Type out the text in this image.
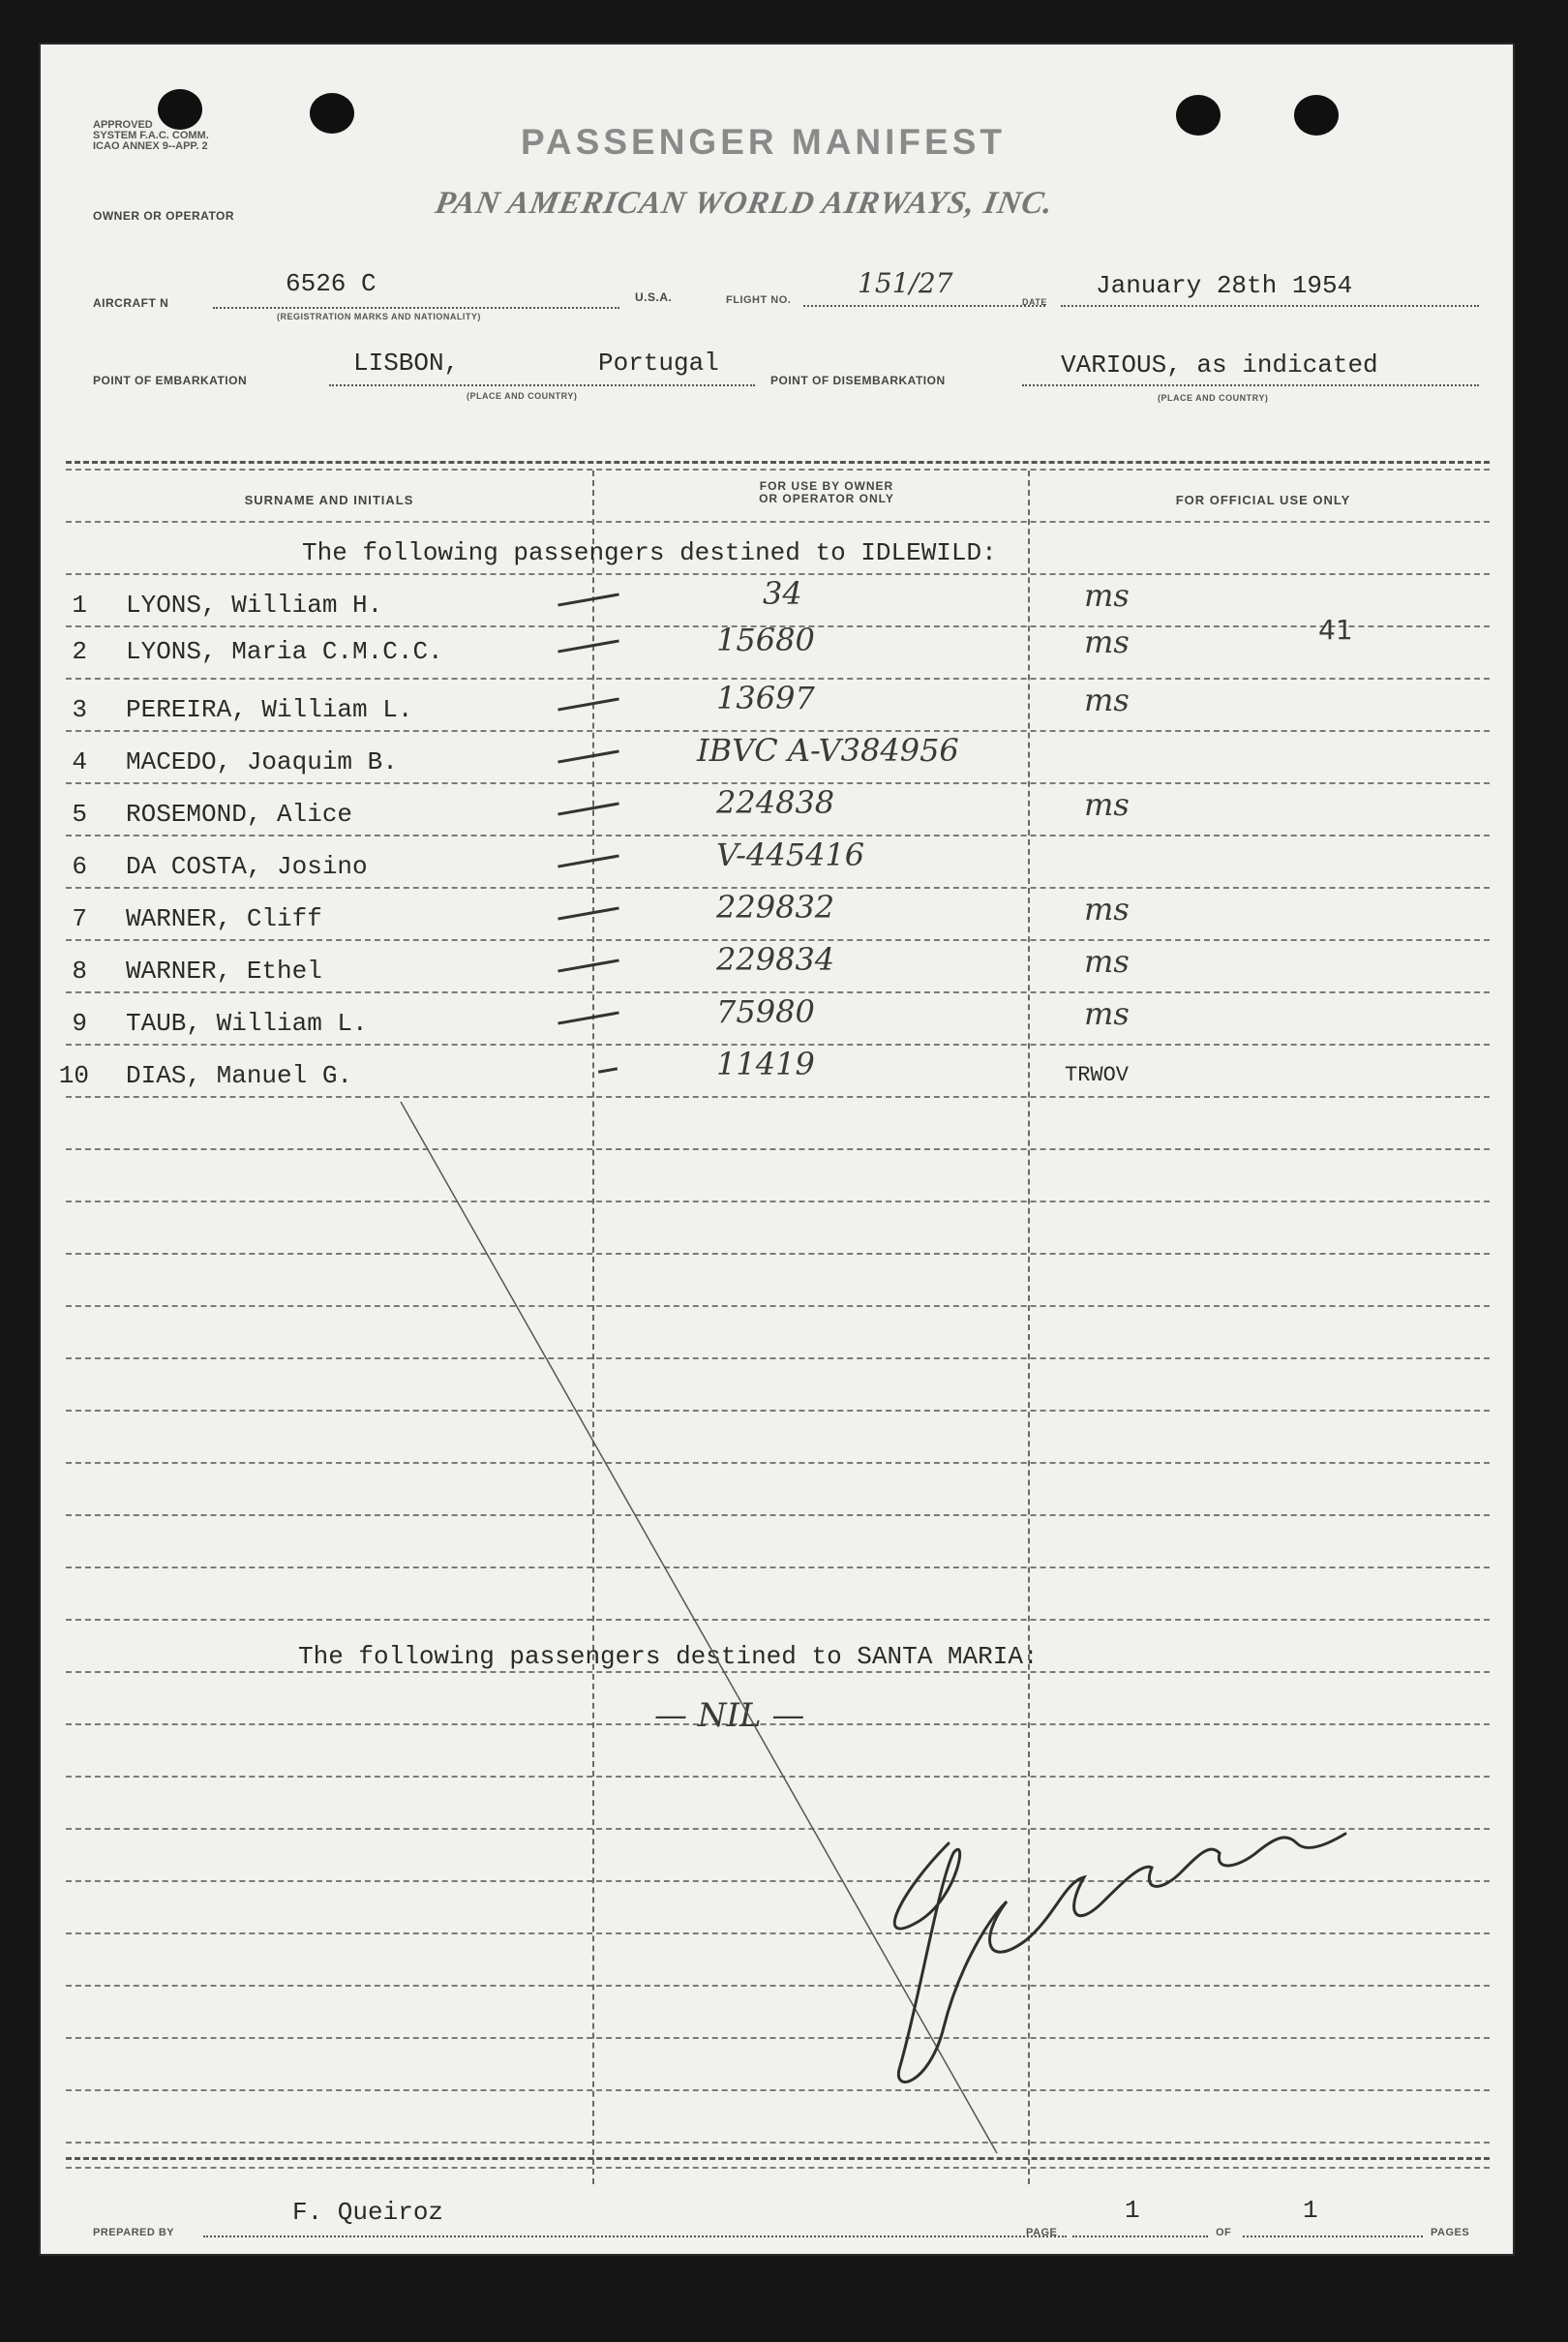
APPROVED
SYSTEM F.A.C. COMM.
ICAO ANNEX 9--APP. 2	PASSENGER MANIFEST
OWNER OR OPERATOR	PAN AMERICAN WORLD AIRWAYS, INC.
AIRCRAFT N
6526 C
(REGISTRATION MARKS AND NATIONALITY)
U.S.A.	FLIGHT NO.
151/27
DATE
January 28th 1954
POINT OF EMBARKATION
LISBON,	Portugal
(PLACE AND COUNTRY)
POINT OF DISEMBARKATION
VARIOUS, as indicated
(PLACE AND COUNTRY)
SURNAME AND INITIALS
FOR USE BY OWNER
OR OPERATOR ONLY	FOR OFFICIAL USE ONLY
The following passengers destined to IDLEWILD:
1 LYONS, William H.	34	ms
2 LYONS, Maria C.M.C.C.	15680	ms
3 PEREIRA, William L.	13697	ms
4 MACEDO, Joaquim B.	IBVC A-V384956
5 ROSEMOND, Alice	224838	ms
6 DA COSTA, Josino	V-445416
7 WARNER, Cliff	229832	ms
8 WARNER, Ethel	229834	ms
9 TAUB, William L.	75980	ms
10 DIAS, Manuel G.	11419	TRWOV
41
The following passengers destined to SANTA MARIA:
— NIL —
PREPARED BY
F. Queiroz
PAGE
1
OF
1
PAGES
